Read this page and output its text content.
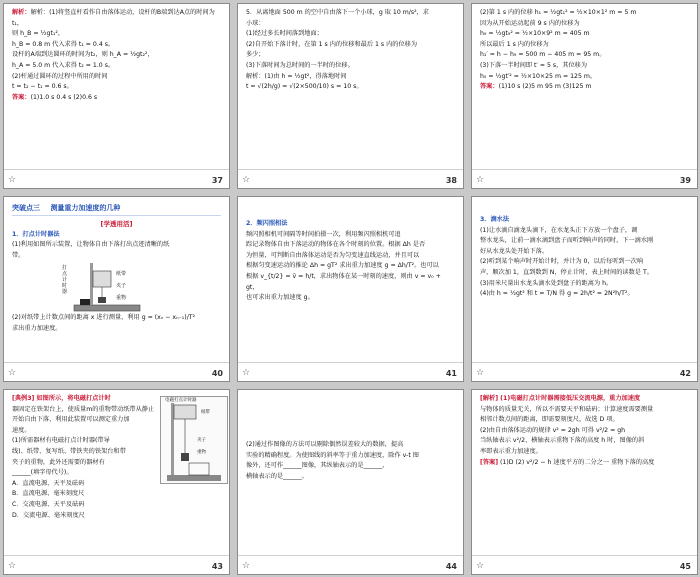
解析：解析：(1)将竖直杆看作自由落体运动，设杆的B端到达A点的时间为t₁，

则 h_B = ½gt₁²，

h_B = 0.8 m 代入求得 t₁ = 0.4 s。

设杆的A端到达圆环的时间为t₂，则 h_A = ½gt₂²，

h_A = 5.0 m 代入求得 t₂ = 1.0 s。

(2)杆通过圆环的过程中所用的时间

t = t₂ − t₁ = 0.6 s。

答案：(1)1.0 s 0.4 s (2)0.6 s

☆	37

5．从离地面 500 m 的空中自由落下一个小球，g 取 10 m/s²，求

小球：

(1)经过多长时间落到地面；

(2)自开始下落计时，在第 1 s 内的位移和最后 1 s 内的位移为

多少；

(3)下落时间为总时间的一半时的位移。

解析：(1)由 h = ½gt²，得落地时间

t = √(2h/g) = √(2×500/10) s = 10 s。

☆	38

(2)第 1 s 内的位移 h₁ = ½gt₁² = ½×10×1² m = 5 m

因为从开始运动起前 9 s 内的位移为

h₉ = ½gt₉² = ½×10×9² m = 405 m

所以最后 1 s 内的位移为

h₁′ = h − h₉ = 500 m − 405 m = 95 m。

(3)下落一半时间即 t′ = 5 s，其位移为

h₅ = ½gt′² = ½×10×25 m = 125 m。

答案：(1)10 s (2)5 m 95 m (3)125 m

☆	39
突破点三 测量重力加速度的几种

[学透用活]

1．打点计时器法

(1)利用如图所示装置，让物体自由下落打出点迹清晰的纸

带。

打点计时器
纸带
夹子
重物

(2)对纸带上计数点间的距离 x 进行测量，利用 g = (xₙ − xₙ₋₁)/T²

求出重力加速度。

☆	40

2．频闪照相法

频闪照相机可间隔等时间拍摄一次，利用频闪照相机可追

踪记录物体自由下落运动的物体在各个时刻的位置。根据 Δh 是否

为恒量，可判断自由落体运动是否为匀变速直线运动，并且可以

根据匀变速运动的推论 Δh = gT² 求出重力加速度 g = Δh/T²。也可以

根据 v_{t/2} = v̄ = h/t，求出物体在某一时刻的速度，则由 v = v₀ + gt，

也可求出重力加速度 g。

☆	41

3．滴水法

(1)让水滴自滴龙头滴下，在水龙头正下方放一个盘子，调

整水龙头，让前一滴水滴到盘子而听到响声的同时，下一滴水刚

好从水龙头处开始下落。

(2)听到某个响声时开始计时，并计为 0，以后每听到一次响

声，顺次加 1，直到数到 N，停止计时，表上时间的读数是 T。

(3)用米尺量出水龙头滴水处到盘子的距离为 h。

(4)由 h = ½gt² 和 t = T/N 得 g = 2h/t² = 2N²h/T²。

☆	42

[典例3] 如图所示，将电磁打点计时

器固定在铁架台上，使质量m的重物带动纸带从静止

开始自由下落，利用此装置可以测定重力加

速度。

(1)所需器材有电磁打点计时器(带导

线)、纸带、复写纸、带铁夹的铁架台和带

夹子的重物，此外还需要的器材有

______(填字母代号)。

A．直流电源、天平及砝码

B．直流电源、毫米刻度尺

C．交流电源、天平及砝码

D．交流电源、毫米刻度尺

电磁打点计时器
纸带
夹子
重物
☆	43

(2)通过作图像的方法可以剔除偶然误差较大的数据，提高

实验的精确程度。为使图线的斜率等于重力加速度，除作 v-t 图

像外，还可作______图像，其纵轴表示的是______，

横轴表示的是______。

☆	44

[解析] (1)电磁打点计时器需接低压交流电源，重力加速度

与物体的质量无关，所以不需要天平和砝码；计算速度需要测量

相邻计数点间的距离，即需要刻度尺，故选 D 项。

(2)由自由落体运动的规律 v² = 2gh 可得 v²/2 = gh

当纵轴表示 v²/2，横轴表示重物下落的高度 h 时，图像的斜

率即表示重力加速度。

[答案] (1)D (2) v²/2 − h 速度平方的二分之一 重物下落的高度

☆	45
